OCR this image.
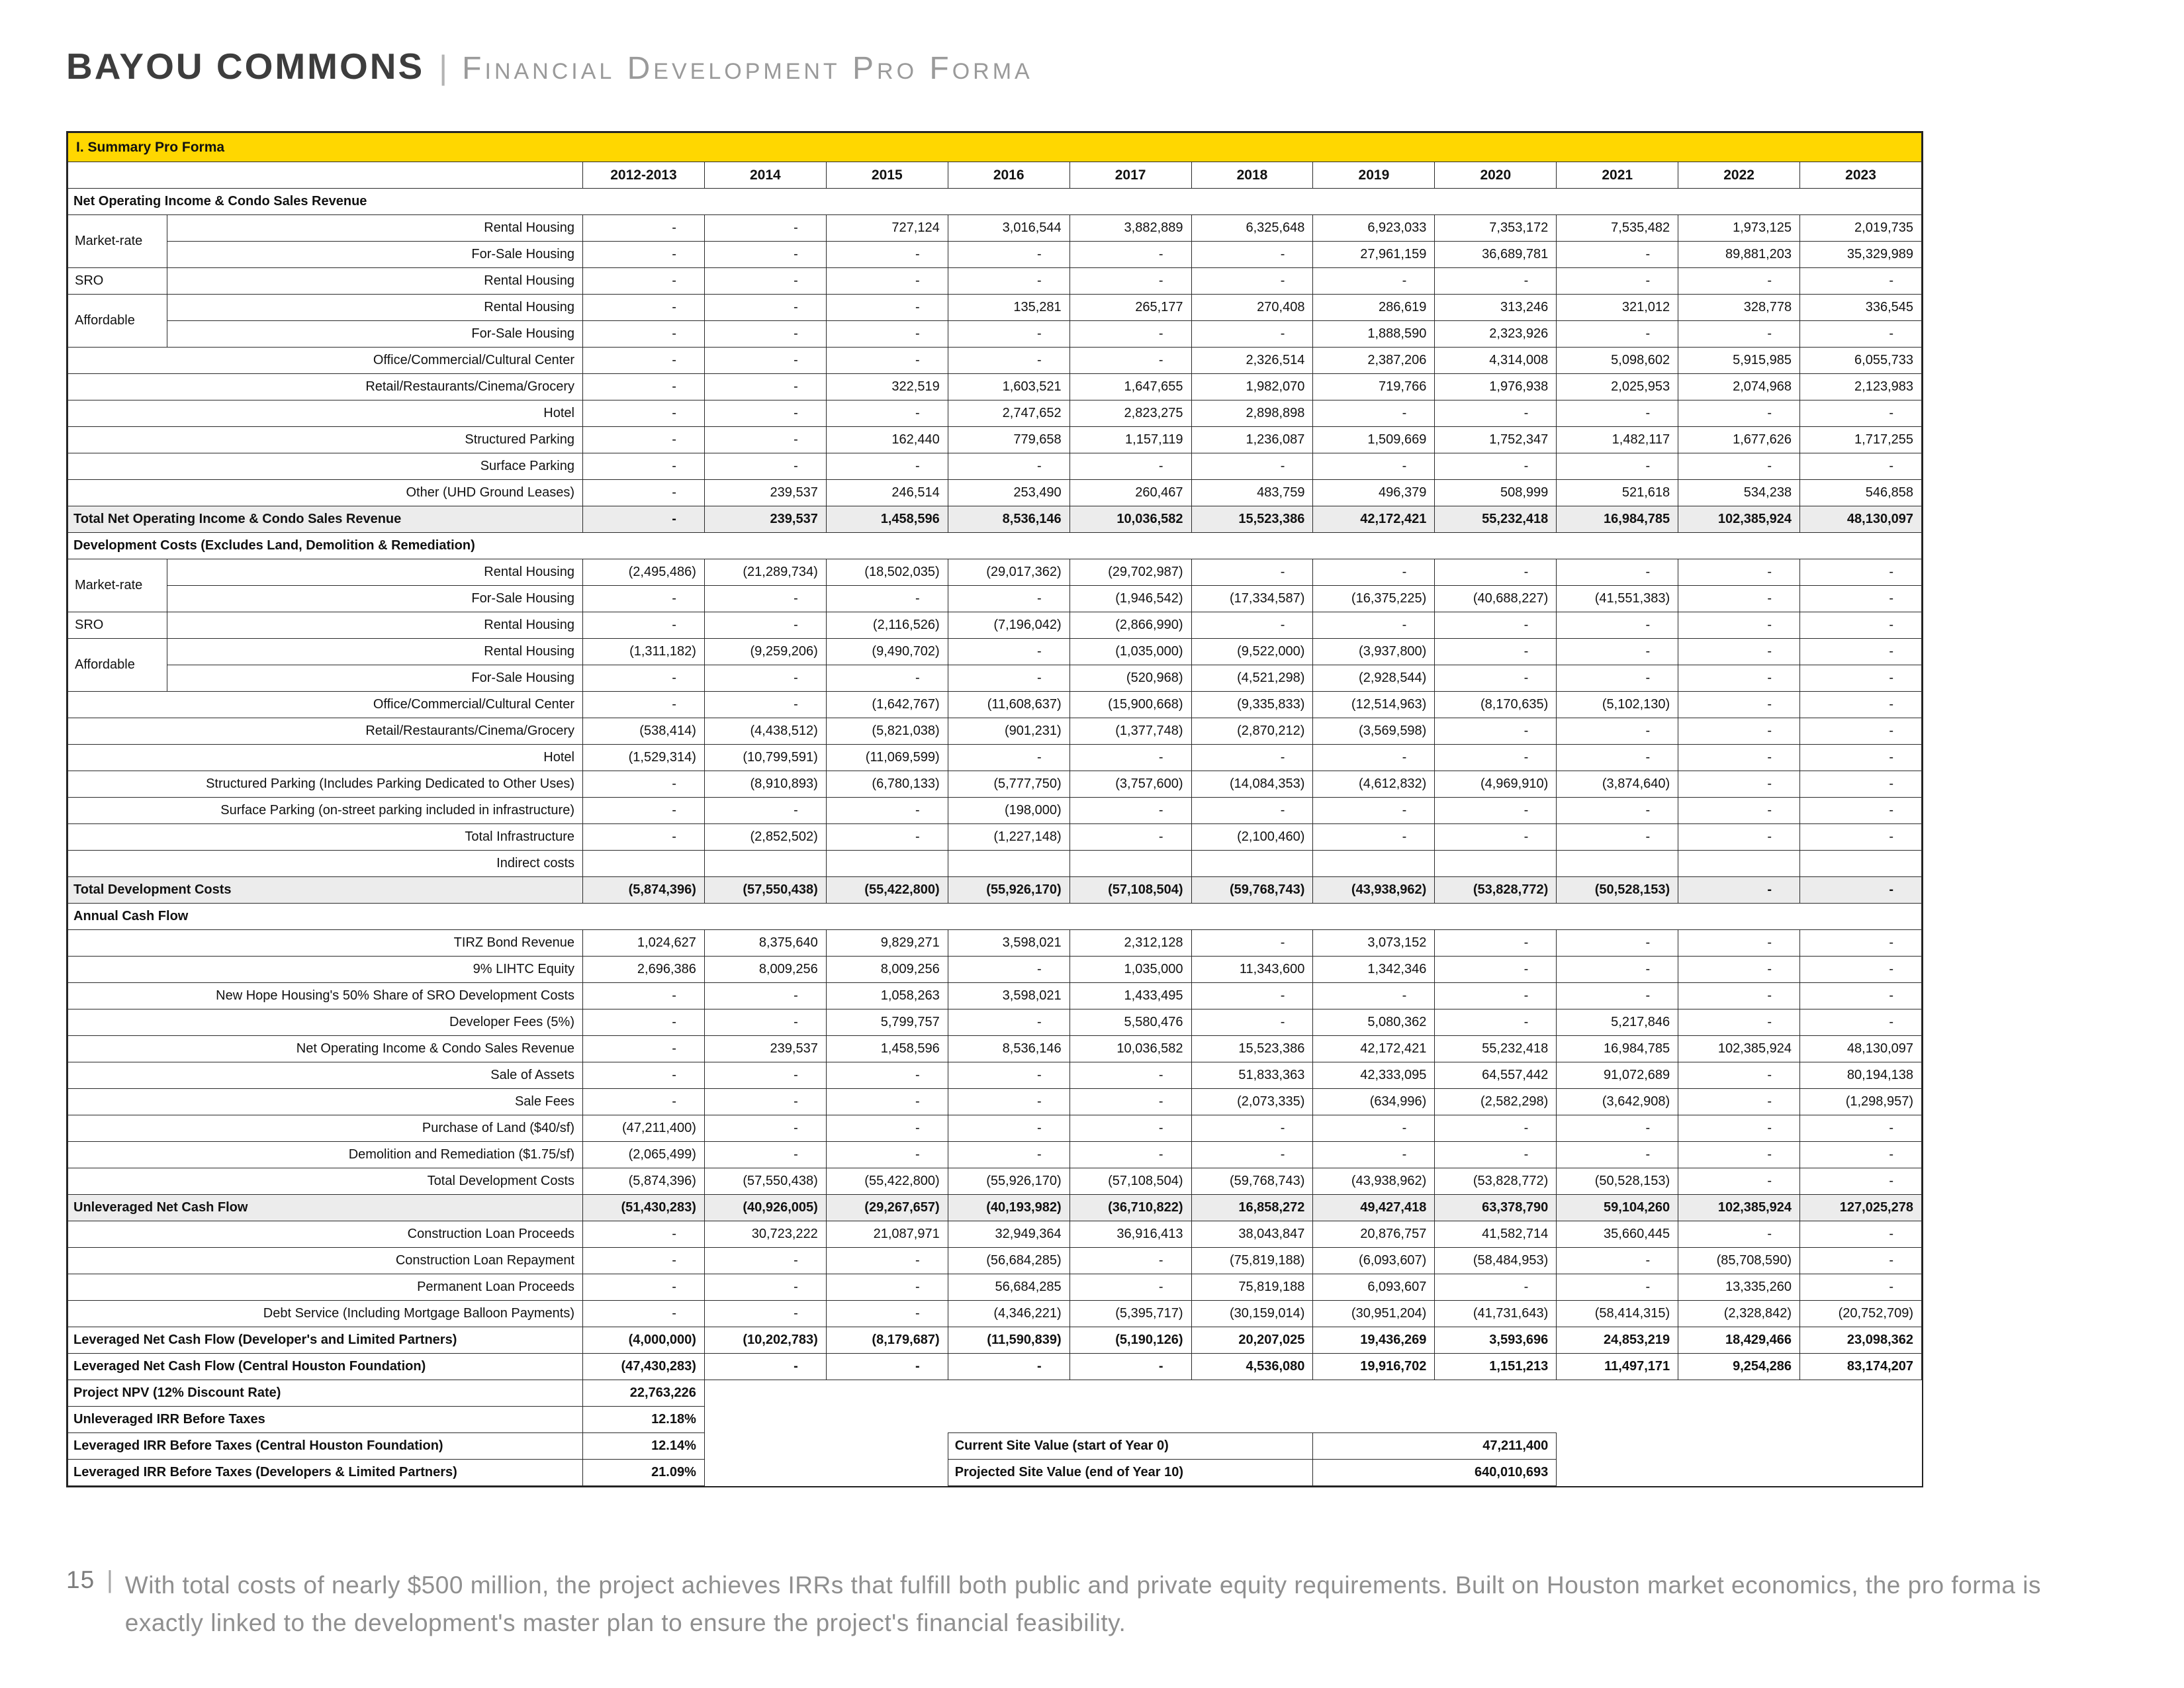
BAYOU COMMONS | Financial Development Pro Forma
I. Summary Pro Forma												
		2012-2013	2014	2015	2016	2017	2018	2019	2020	2021	2022	2023
Net Operating Income & Condo Sales Revenue												
Market-rate	Rental Housing	-	-	727,124	3,016,544	3,882,889	6,325,648	6,923,033	7,353,172	7,535,482	1,973,125	2,019,735
	For-Sale Housing	-	-	-	-	-	-	27,961,159	36,689,781	-	89,881,203	35,329,989
SRO	Rental Housing	-	-	-	-	-	-	-	-	-	-	-
Affordable	Rental Housing	-	-	-	135,281	265,177	270,408	286,619	313,246	321,012	328,778	336,545
	For-Sale Housing	-	-	-	-	-	-	1,888,590	2,323,926	-	-	-
Office/Commercial/Cultural Center		-	-	-	-	-	2,326,514	2,387,206	4,314,008	5,098,602	5,915,985	6,055,733
Retail/Restaurants/Cinema/Grocery		-	-	322,519	1,603,521	1,647,655	1,982,070	719,766	1,976,938	2,025,953	2,074,968	2,123,983
Hotel		-	-	-	2,747,652	2,823,275	2,898,898	-	-	-	-	-
Structured Parking		-	-	162,440	779,658	1,157,119	1,236,087	1,509,669	1,752,347	1,482,117	1,677,626	1,717,255
Surface Parking		-	-	-	-	-	-	-	-	-	-	-
Other (UHD Ground Leases)		-	239,537	246,514	253,490	260,467	483,759	496,379	508,999	521,618	534,238	546,858
Total Net Operating Income & Condo Sales Revenue		-	239,537	1,458,596	8,536,146	10,036,582	15,523,386	42,172,421	55,232,418	16,984,785	102,385,924	48,130,097
Development Costs (Excludes Land, Demolition & Remediation)												
Market-rate	Rental Housing	(2,495,486)	(21,289,734)	(18,502,035)	(29,017,362)	(29,702,987)	-	-	-	-	-	-
	For-Sale Housing	-	-	-	-	(1,946,542)	(17,334,587)	(16,375,225)	(40,688,227)	(41,551,383)	-	-
SRO	Rental Housing	-	-	(2,116,526)	(7,196,042)	(2,866,990)	-	-	-	-	-	-
Affordable	Rental Housing	(1,311,182)	(9,259,206)	(9,490,702)	-	(1,035,000)	(9,522,000)	(3,937,800)	-	-	-	-
	For-Sale Housing	-	-	-	-	(520,968)	(4,521,298)	(2,928,544)	-	-	-	-
Office/Commercial/Cultural Center		-	-	(1,642,767)	(11,608,637)	(15,900,668)	(9,335,833)	(12,514,963)	(8,170,635)	(5,102,130)	-	-
Retail/Restaurants/Cinema/Grocery		(538,414)	(4,438,512)	(5,821,038)	(901,231)	(1,377,748)	(2,870,212)	(3,569,598)	-	-	-	-
Hotel		(1,529,314)	(10,799,591)	(11,069,599)	-	-	-	-	-	-	-	-
Structured Parking (Includes Parking Dedicated to Other Uses)		-	(8,910,893)	(6,780,133)	(5,777,750)	(3,757,600)	(14,084,353)	(4,612,832)	(4,969,910)	(3,874,640)	-	-
Surface Parking (on-street parking included in infrastructure)		-	-	-	(198,000)	-	-	-	-	-	-	-
Total Infrastructure		-	(2,852,502)	-	(1,227,148)	-	(2,100,460)	-	-	-	-	-
Indirect costs												
Total Development Costs		(5,874,396)	(57,550,438)	(55,422,800)	(55,926,170)	(57,108,504)	(59,768,743)	(43,938,962)	(53,828,772)	(50,528,153)	-	-
Annual Cash Flow												
TIRZ Bond Revenue		1,024,627	8,375,640	9,829,271	3,598,021	2,312,128	-	3,073,152	-	-	-	-
9% LIHTC Equity		2,696,386	8,009,256	8,009,256	-	1,035,000	11,343,600	1,342,346	-	-	-	-
New Hope Housing's 50% Share of SRO Development Costs		-	-	1,058,263	3,598,021	1,433,495	-	-	-	-	-	-
Developer Fees (5%)		-	-	5,799,757	-	5,580,476	-	5,080,362	-	5,217,846	-	-
Net Operating Income & Condo Sales Revenue		-	239,537	1,458,596	8,536,146	10,036,582	15,523,386	42,172,421	55,232,418	16,984,785	102,385,924	48,130,097
Sale of Assets		-	-	-	-	-	51,833,363	42,333,095	64,557,442	91,072,689	-	80,194,138
Sale Fees		-	-	-	-	-	(2,073,335)	(634,996)	(2,582,298)	(3,642,908)	-	(1,298,957)
Purchase of Land ($40/sf)		(47,211,400)	-	-	-	-	-	-	-	-	-	-
Demolition and Remediation ($1.75/sf)		(2,065,499)	-	-	-	-	-	-	-	-	-	-
Total Development Costs		(5,874,396)	(57,550,438)	(55,422,800)	(55,926,170)	(57,108,504)	(59,768,743)	(43,938,962)	(53,828,772)	(50,528,153)	-	-
Unleveraged Net Cash Flow		(51,430,283)	(40,926,005)	(29,267,657)	(40,193,982)	(36,710,822)	16,858,272	49,427,418	63,378,790	59,104,260	102,385,924	127,025,278
Construction Loan Proceeds		-	30,723,222	21,087,971	32,949,364	36,916,413	38,043,847	20,876,757	41,582,714	35,660,445	-	-
Construction Loan Repayment		-	-	-	(56,684,285)	-	(75,819,188)	(6,093,607)	(58,484,953)	-	(85,708,590)	-
Permanent Loan Proceeds		-	-	-	56,684,285	-	75,819,188	6,093,607	-	-	13,335,260	-
Debt Service (Including Mortgage Balloon Payments)		-	-	-	(4,346,221)	(5,395,717)	(30,159,014)	(30,951,204)	(41,731,643)	(58,414,315)	(2,328,842)	(20,752,709)
Leveraged Net Cash Flow (Developer's and Limited Partners)		(4,000,000)	(10,202,783)	(8,179,687)	(11,590,839)	(5,190,126)	20,207,025	19,436,269	3,593,696	24,853,219	18,429,466	23,098,362
Leveraged Net Cash Flow (Central Houston Foundation)		(47,430,283)	-	-	-	-	4,536,080	19,916,702	1,151,213	11,497,171	9,254,286	83,174,207
Project NPV (12% Discount Rate)		22,763,226										
Unleveraged IRR Before Taxes		12.18%										
Leveraged IRR Before Taxes (Central Houston Foundation)		12.14%			Current Site Value (start of Year 0)			47,211,400				
Leveraged IRR Before Taxes (Developers & Limited Partners)		21.09%			Projected Site Value (end of Year 10)			640,010,693				
15 | With total costs of nearly $500 million, the project achieves IRRs that fulfill both public and private equity requirements. Built on Houston market economics, the pro forma is exactly linked to the development's master plan to ensure the project's financial feasibility.
